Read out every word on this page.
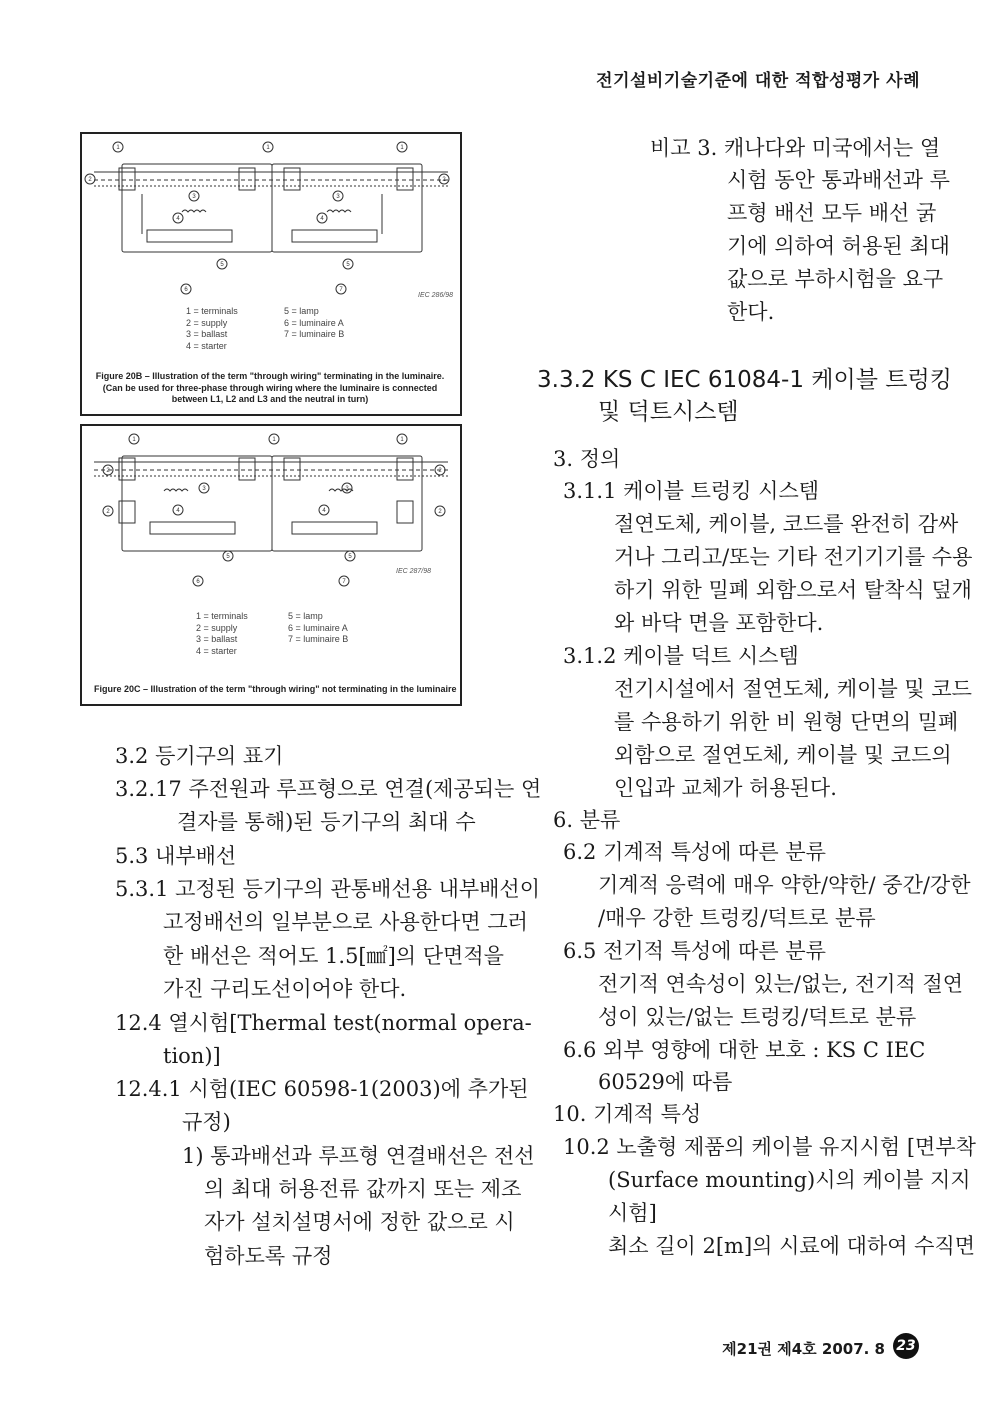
전기설비기술기준에 대한 적합성평가 사례
1	1	1
2	2
3	3
4	4
5	5
6	7
1 = terminals
2 = supply
3 = ballast
4 = starter
5 = lamp
6 = luminaire A
7 = luminaire B
IEC 286/98
Figure 20B – Illustration of the term "through wiring" terminating in the luminaire.
(Can be used for three-phase through wiring where the luminaire is connected
between L1, L2 and L3 and the neutral in turn)
1	1	1
2	2
2	2
3	3
4	4
5	5
6	7
1 = terminals
2 = supply
3 = ballast
4 = starter
5 = lamp
6 = luminaire A
7 = luminaire B
IEC 287/98
Figure 20C – Illustration of the term "through wiring" not terminating in the luminaire
3.2 등기구의 표기
3.2.17 주전원과 루프형으로 연결(제공되는 연
결자를 통해)된 등기구의 최대 수
5.3 내부배선
5.3.1 고정된 등기구의 관통배선용 내부배선이
고정배선의 일부분으로 사용한다면 그러
한 배선은 적어도 1.5[㎟]의 단면적을
가진 구리도선이어야 한다.
12.4 열시험[Thermal test(normal opera-
tion)]
12.4.1 시험(IEC 60598-1(2003)에 추가된
규정)
1) 통과배선과 루프형 연결배선은 전선
의 최대 허용전류 값까지 또는 제조
자가 설치설명서에 정한 값으로 시
험하도록 규정
비고 3. 캐나다와 미국에서는 열
시험 동안 통과배선과 루
프형 배선 모두 배선 굵
기에 의하여 허용된 최대
값으로 부하시험을 요구
한다.
3.3.2 KS C IEC 61084-1 케이블 트렁킹
및 덕트시스템
3. 정의
3.1.1 케이블 트렁킹 시스템
절연도체, 케이블, 코드를 완전히 감싸
거나 그리고/또는 기타 전기기기를 수용
하기 위한 밀폐 외함으로서 탈착식 덮개
와 바닥 면을 포함한다.
3.1.2 케이블 덕트 시스템
전기시설에서 절연도체, 케이블 및 코드
를 수용하기 위한 비 원형 단면의 밀폐
외함으로 절연도체, 케이블 및 코드의
인입과 교체가 허용된다.
6. 분류
6.2 기계적 특성에 따른 분류
기계적 응력에 매우 약한/약한/ 중간/강한
/매우 강한 트렁킹/덕트로 분류
6.5 전기적 특성에 따른 분류
전기적 연속성이 있는/없는, 전기적 절연
성이 있는/없는 트렁킹/덕트로 분류
6.6 외부 영향에 대한 보호 : KS C IEC
60529에 따름
10. 기계적 특성
10.2 노출형 제품의 케이블 유지시험 [면부착
(Surface mounting)시의 케이블 지지
시험]
최소 길이 2[m]의 시료에 대하여 수직면
제21권 제4호 2007. 8 23
